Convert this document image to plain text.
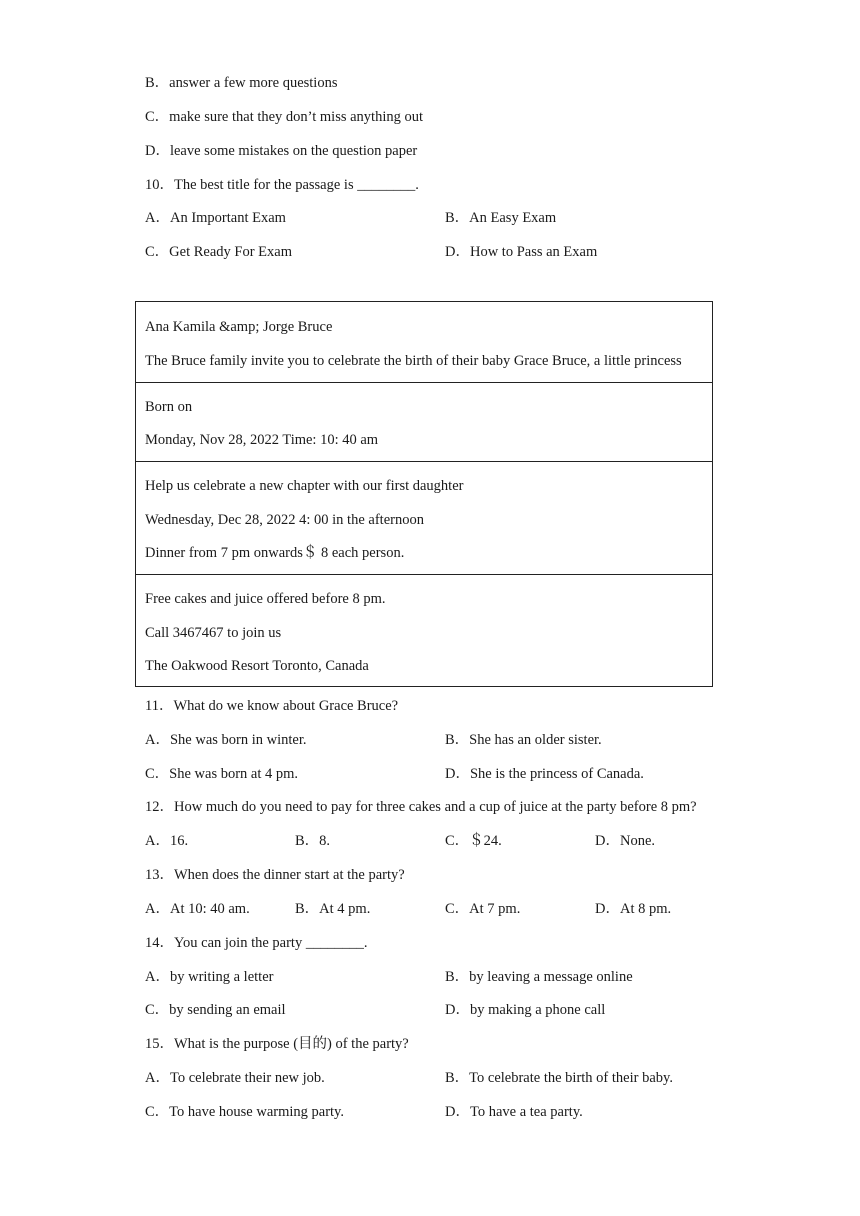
B．answer a few more questions
C．make sure that they don’t miss anything out
D．leave some mistakes on the question paper
10．The best title for the passage is ________.
A．An Important Exam	B．An Easy Exam
C．Get Ready For Exam	D．How to Pass an Exam
Ana Kamila &amp; Jorge Bruce
The Bruce family invite you to celebrate the birth of their baby Grace Bruce, a little princess
Born on
Monday, Nov 28, 2022 Time: 10: 40 am
Help us celebrate a new chapter with our first daughter
Wednesday, Dec 28, 2022 4: 00 in the afternoon
Dinner from 7 pm onwards＄ 8 each person.
Free cakes and juice offered before 8 pm.
Call 3467467 to join us
The Oakwood Resort Toronto, Canada
11．What do we know about Grace Bruce?
A．She was born in winter.	B．She has an older sister.
C．She was born at 4 pm.	D．She is the princess of Canada.
12．How much do you need to pay for three cakes and a cup of juice at the party before 8 pm?
A．16.	B．8.	C．＄24.	D．None.
13．When does the dinner start at the party?
A．At 10: 40 am.	B．At 4 pm.	C．At 7 pm.	D．At 8 pm.
14．You can join the party ________.
A．by writing a letter	B．by leaving a message online
C．by sending an email	D．by making a phone call
15．What is the purpose (目的) of the party?
A．To celebrate their new job.	B．To celebrate the birth of their baby.
C．To have house warming party.	D．To have a tea party.
